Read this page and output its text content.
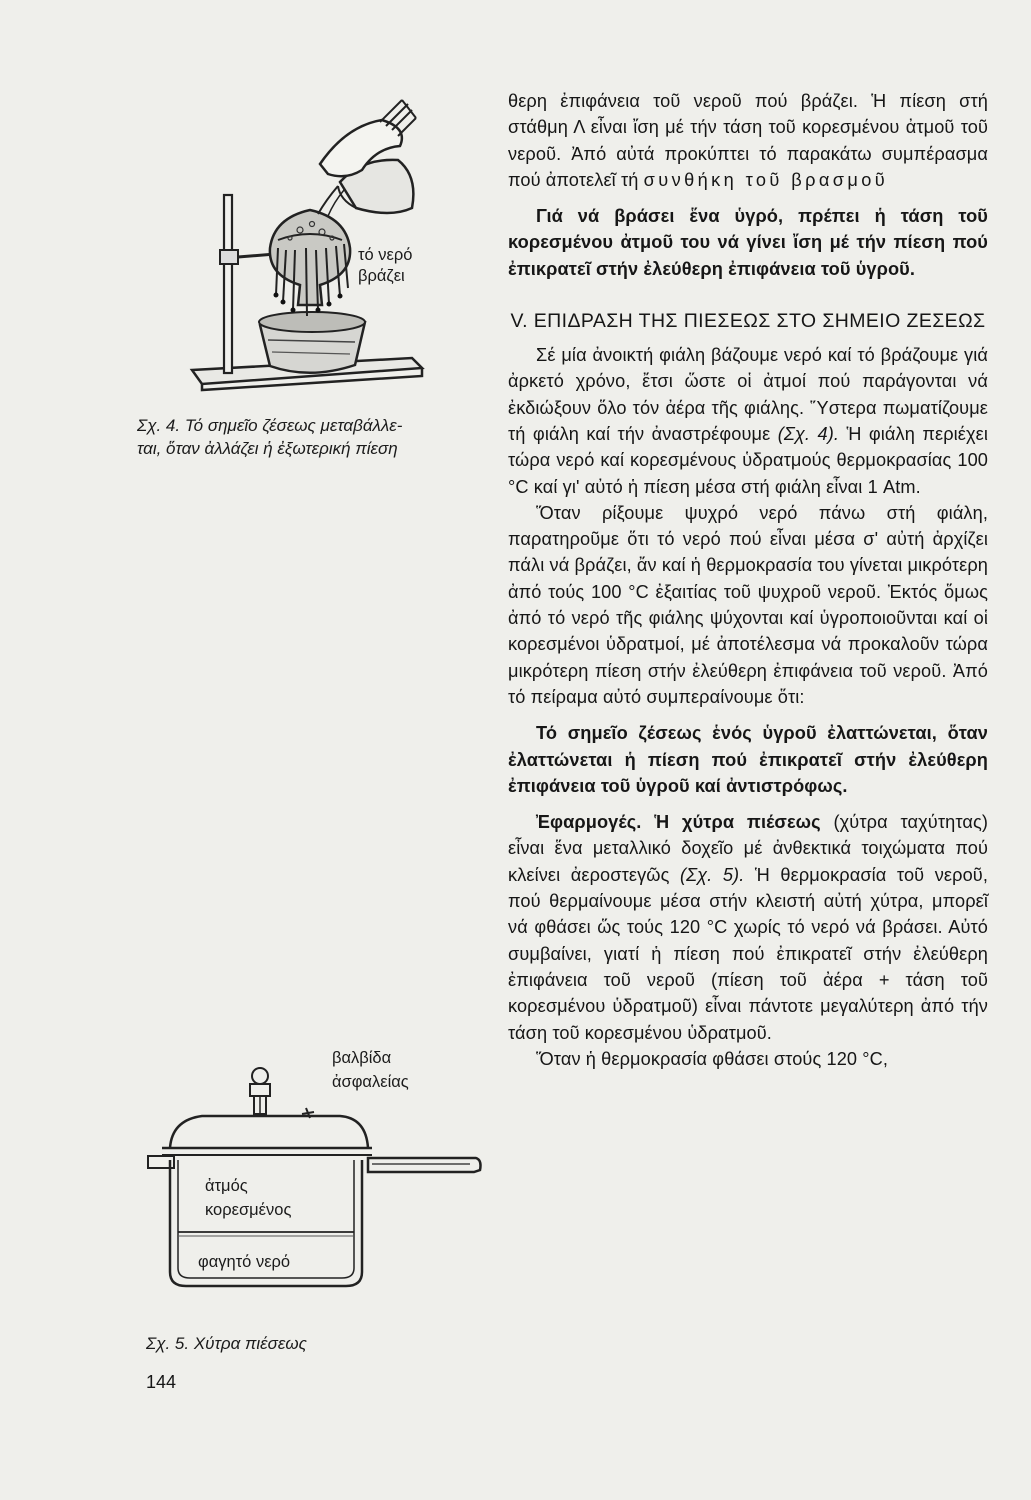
τό νερό
βράζει
Σχ. 4. Τό σημεῖο ζέσεως μεταβάλλε-
ται, ὅταν ἀλλάζει ἡ ἐξωτερική πίεση
βαλβίδα
ἀσφαλείας
ἀτμός
κορεσμένος
φαγητό νερό
Σχ. 5. Χύτρα πιέσεως
144

θερη ἐπιφάνεια τοῦ νεροῦ πού βράζει. Ἡ πίεση στή στάθμη Λ εἶναι ἴση μέ τήν τάση τοῦ κορεσμένου ἀτμοῦ τοῦ νεροῦ. Ἀπό αὐτά προκύπτει τό παρακάτω συμπέρασμα πού ἀποτελεῖ τή συνθήκη τοῦ βρασμοῦ

Γιά νά βράσει ἕνα ὑγρό, πρέπει ἡ τάση τοῦ κορεσμένου ἀτμοῦ του νά γίνει ἴση μέ τήν πίεση πού ἐπικρατεῖ στήν ἐλεύθερη ἐπιφάνεια τοῦ ὑγροῦ.

V. ΕΠΙΔΡΑΣΗ ΤΗΣ ΠΙΕΣΕΩΣ ΣΤΟ ΣΗΜΕΙΟ ΖΕΣΕΩΣ

Σέ μία ἀνοικτή φιάλη βάζουμε νερό καί τό βράζουμε γιά ἀρκετό χρόνο, ἔτσι ὥστε οἱ ἀτμοί πού παράγονται νά ἐκδιώξουν ὅλο τόν ἀέρα τῆς φιάλης. Ὕστερα πωματίζουμε τή φιάλη καί τήν ἀναστρέφουμε (Σχ. 4). Ἡ φιάλη περιέχει τώρα νερό καί κορεσμένους ὑδρατμούς θερμοκρασίας 100 °C καί γι' αὐτό ἡ πίεση μέσα στή φιάλη εἶναι 1 Atm.

Ὅταν ρίξουμε ψυχρό νερό πάνω στή φιάλη, παρατηροῦμε ὅτι τό νερό πού εἶναι μέσα σ' αὐτή ἀρχίζει πάλι νά βράζει, ἄν καί ἡ θερμοκρασία του γίνεται μικρότερη ἀπό τούς 100 °C ἐξαιτίας τοῦ ψυχροῦ νεροῦ. Ἐκτός ὅμως ἀπό τό νερό τῆς φιάλης ψύχονται καί ὑγροποιοῦνται καί οἱ κορεσμένοι ὑδρατμοί, μέ ἀποτέλεσμα νά προκαλοῦν τώρα μικρότερη πίεση στήν ἐλεύθερη ἐπιφάνεια τοῦ νεροῦ. Ἀπό τό πείραμα αὐτό συμπεραίνουμε ὅτι:

Τό σημεῖο ζέσεως ἑνός ὑγροῦ ἐλαττώνεται, ὅταν ἐλαττώνεται ἡ πίεση πού ἐπικρατεῖ στήν ἐλεύθερη ἐπιφάνεια τοῦ ὑγροῦ καί ἀντιστρόφως.

Ἐφαρμογές. Ἡ χύτρα πιέσεως (χύτρα ταχύτητας) εἶναι ἕνα μεταλλικό δοχεῖο μέ ἀνθεκτικά τοιχώματα πού κλείνει ἀεροστεγῶς (Σχ. 5). Ἡ θερμοκρασία τοῦ νεροῦ, πού θερμαίνουμε μέσα στήν κλειστή αὐτή χύτρα, μπορεῖ νά φθάσει ὥς τούς 120 °C χωρίς τό νερό νά βράσει. Αὐτό συμβαίνει, γιατί ἡ πίεση πού ἐπικρατεῖ στήν ἐλεύθερη ἐπιφάνεια τοῦ νεροῦ (πίεση τοῦ ἀέρα + τάση τοῦ κορεσμένου ὑδρατμοῦ) εἶναι πάντοτε μεγαλύτερη ἀπό τήν τάση τοῦ κορεσμένου ὑδρατμοῦ.

Ὅταν ἡ θερμοκρασία φθάσει στούς 120 °C,
